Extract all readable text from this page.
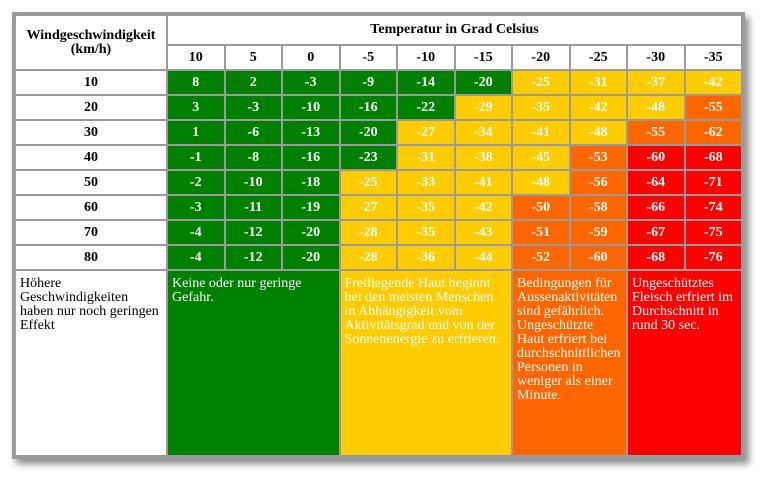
Windgeschwindigkeit
(km/h)	Temperatur in Grad Celsius									
	10	5	0	-5	-10	-15	-20	-25	-30	-35
10	8	2	-3	-9	-14	-20	-25	-31	-37	-42
20	3	-3	-10	-16	-22	-29	-35	-42	-48	-55
30	1	-6	-13	-20	-27	-34	-41	-48	-55	-62
40	-1	-8	-16	-23	-31	-38	-45	-53	-60	-68
50	-2	-10	-18	-25	-33	-41	-48	-56	-64	-71
60	-3	-11	-19	-27	-35	-42	-50	-58	-66	-74
70	-4	-12	-20	-28	-35	-43	-51	-59	-67	-75
80	-4	-12	-20	-28	-36	-44	-52	-60	-68	-76
Höhere Geschwindigkeiten haben nur noch geringen Effekt	Keine oder nur geringe Gefahr.			Freiliegende Haut beginnt bei den meisten Menschen in Abhängigkeit vom Aktivitätsgrad und von der Sonnenenergie zu erfrieren.			Bedingungen für Aussenaktivitäten sind gefährlich. Ungeschützte Haut erfriert bei durchschnittlichen Personen in weniger als einer Minute.		Ungeschütztes Fleisch erfriert im Durchschnitt in rund 30 sec.	
